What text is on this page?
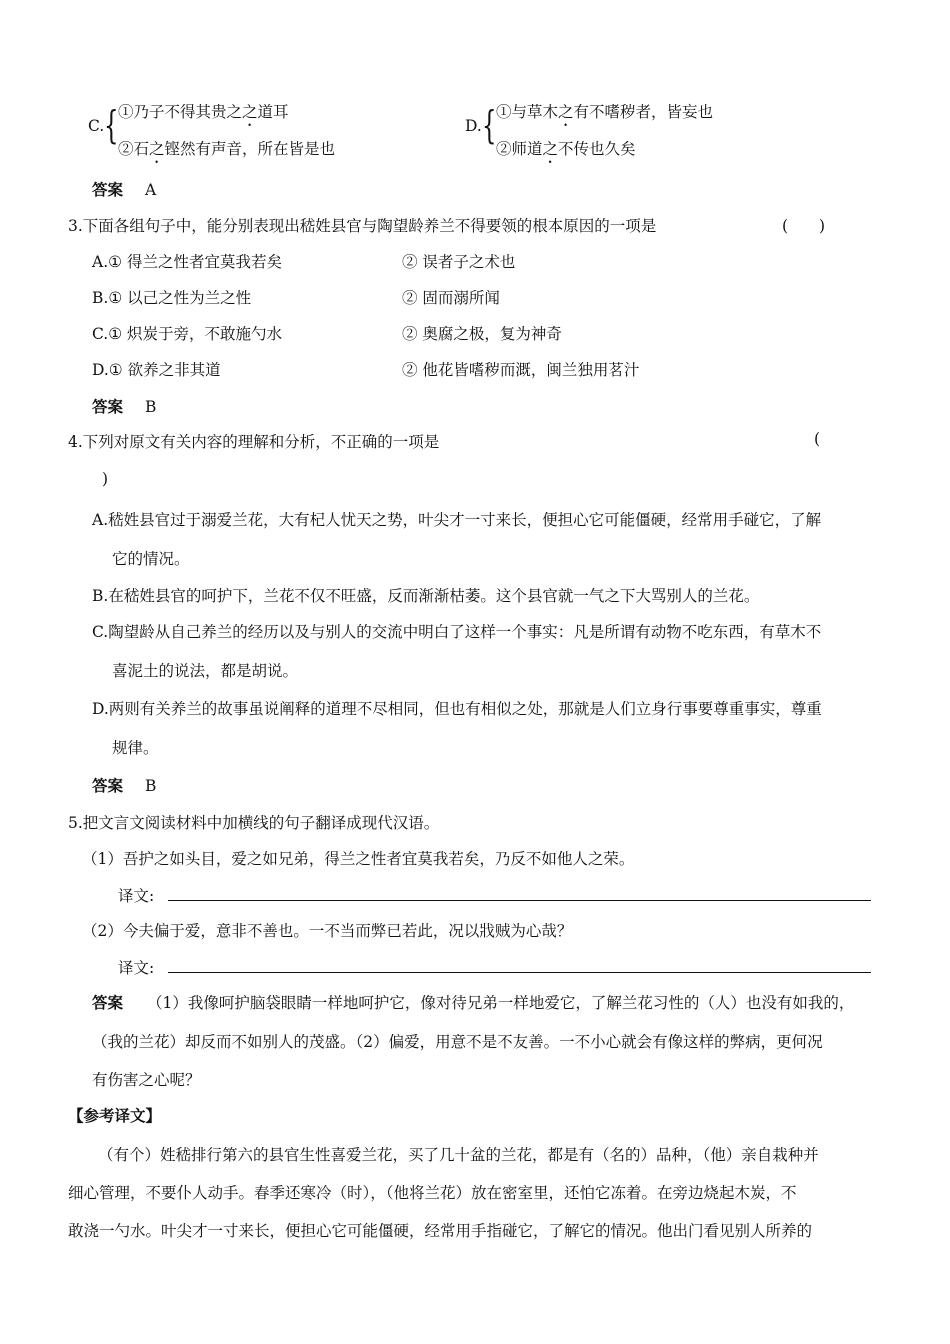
C. { ①乃子不得其贵之之道耳
②石之铿然有声音，所在皆是也
D. { ①与草木之有不嗜秽者，皆妄也
②师道之不传也久矣
答案 A
3.下面各组句子中，能分别表现出嵇姓县官与陶望龄养兰不得要领的根本原因的一项是	(　　)
A.① 得兰之性者宜莫我若矣	② 误者子之术也
B.① 以己之性为兰之性	② 固而溺所闻
C.① 炽炭于旁，不敢施勺水	② 奥腐之极，复为神奇
D.① 欲养之非其道	② 他花皆嗜秽而溉，闽兰独用茗汁
答案 B
4.下列对原文有关内容的理解和分析，不正确的一项是	(
)
A.嵇姓县官过于溺爱兰花，大有杞人忧天之势，叶尖才一寸来长，便担心它可能僵硬，经常用手碰它，了解
它的情况。
B.在嵇姓县官的呵护下，兰花不仅不旺盛，反而渐渐枯萎。这个县官就一气之下大骂别人的兰花。
C.陶望龄从自己养兰的经历以及与别人的交流中明白了这样一个事实：凡是所谓有动物不吃东西，有草木不
喜泥土的说法，都是胡说。
D.两则有关养兰的故事虽说阐释的道理不尽相同，但也有相似之处，那就是人们立身行事要尊重事实，尊重
规律。
答案 B
5.把文言文阅读材料中加横线的句子翻译成现代汉语。
（1）吾护之如头目，爱之如兄弟，得兰之性者宜莫我若矣，乃反不如他人之荣。
译文:
（2）今夫偏于爱，意非不善也。一不当而弊已若此，况以戕贼为心哉？
译文:
答案 （1）我像呵护脑袋眼睛一样地呵护它，像对待兄弟一样地爱它，了解兰花习性的（人）也没有如我的，
（我的兰花）却反而不如别人的茂盛。（2）偏爱，用意不是不友善。一不小心就会有像这样的弊病，更何况
有伤害之心呢？
【参考译文】
（有个）姓嵇排行第六的县官生性喜爱兰花，买了几十盆的兰花，都是有（名的）品种，（他）亲自栽种并
细心管理，不要仆人动手。春季还寒冷（时），（他将兰花）放在密室里，还怕它冻着。在旁边烧起木炭，不
敢浇一勺水。叶尖才一寸来长，便担心它可能僵硬，经常用手指碰它，了解它的情况。他出门看见别人所养的
